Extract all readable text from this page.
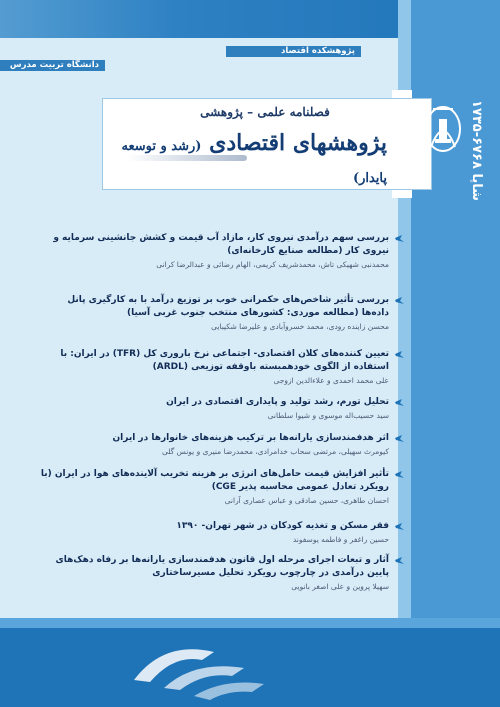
پژوهشکده اقتصاد
دانشگاه تربیت مدرس
فصلنامه علمی – پژوهشی
پژوهشهای اقتصادی (رشد و توسعه پایدار)
شاپا ۶۷۶۸-۱۷۳۵
بررسی سهم درآمدی نیروی کار، مازاد آب قیمت و کشش جانشینی سرمایه و نیروی کار (مطالعه صنایع کارخانه‌ای)
محمدنبی شهیکی تاش، محمدشریف کریمی، الهام رضائی و عبدالرضا کرانی
بررسی تأثیر شاخص‌های حکمرانی خوب بر توزیع درآمد با به کارگیری پانل داده‌ها (مطالعه موردی: کشورهای منتخب جنوب غربی آسیا)
محسن زاینده رودی، محمد خسروآبادی و علیرضا شکیبایی
تعیین کننده‌های کلان اقتصادی- اجتماعی نرخ باروری کل (TFR) در ایران: با استفاده از الگوی خودهمبسته باوقفه توزیعی (ARDL)
علی محمد احمدی و علاءالدین ازوجی
تحلیل تورم، رشد تولید و پایداری اقتصادی در ایران
سید حسیب‌اله موسوی و شیوا سلطانی
اثر هدفمندسازی یارانه‌ها بر ترکیب هزینه‌های خانوارها در ایران
کیومرث سهیلی، مرتضی سحاب خدامرادی، محمدرضا منیری و یونس گلی
تأثیر افزایش قیمت حامل‌های انرژی بر هزینه تخریب آلاینده‌های هوا در ایران (با رویکرد تعادل عمومی محاسبه پذیر CGE)
احسان طاهری، حسین صادقی و عباس عصاری آرانی
فقر مسکن و تغذیه کودکان در شهر تهران- ۱۳۹۰
حسین راغفر و فاطمه یوسفوند
آثار و تبعات اجرای مرحله اول قانون هدفمندسازی یارانه‌ها بر رفاه دهک‌های پایین درآمدی در چارچوب رویکرد تحلیل مسیرساختاری
سهیلا پروین و علی اصغر بانویی
